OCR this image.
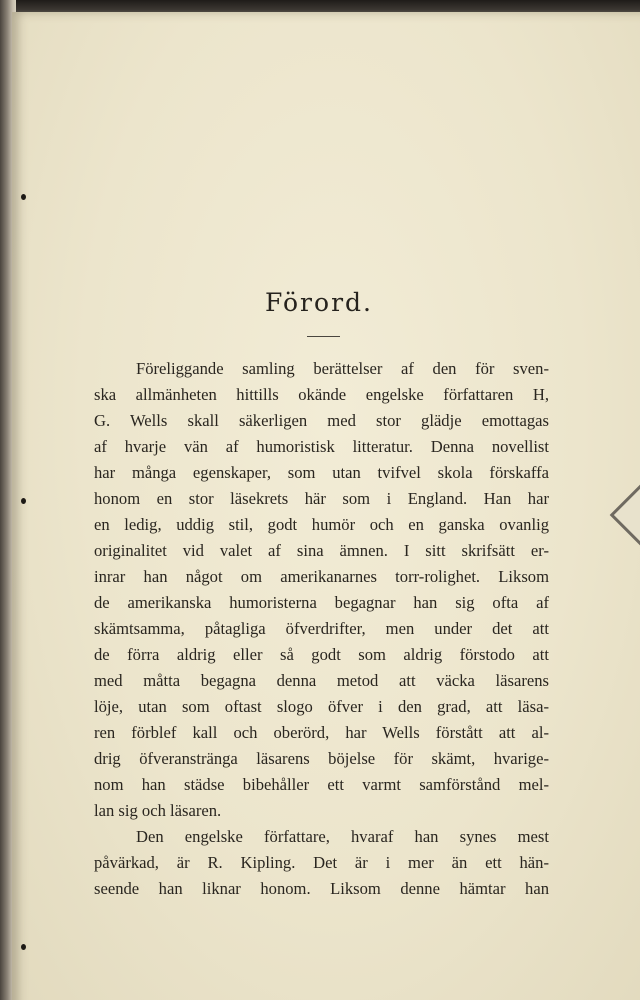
Förord.

Föreliggande samling berättelser af den för sven-
ska allmänheten hittills okände engelske författaren H,
G. Wells skall säkerligen med stor glädje emottagas
af hvarje vän af humoristisk litteratur. Denna novellist
har många egenskaper, som utan tvifvel skola förskaffa
honom en stor läsekrets här som i England. Han har
en ledig, uddig stil, godt humör och en ganska ovanlig
originalitet vid valet af sina ämnen. I sitt skrifsätt er-
inrar han något om amerikanarnes torr-rolighet. Liksom
de amerikanska humoristerna begagnar han sig ofta af
skämtsamma, påtagliga öfverdrifter, men under det att
de förra aldrig eller så godt som aldrig förstodo att
med måtta begagna denna metod att väcka läsarens
löje, utan som oftast slogo öfver i den grad, att läsa-
ren förblef kall och oberörd, har Wells förstått att al-
drig öfveranstränga läsarens böjelse för skämt, hvarige-
nom han städse bibehåller ett varmt samförstånd mel-
lan sig och läsaren.

Den engelske författare, hvaraf han synes mest
påvärkad, är R. Kipling. Det är i mer än ett hän-
seende han liknar honom. Liksom denne hämtar han
